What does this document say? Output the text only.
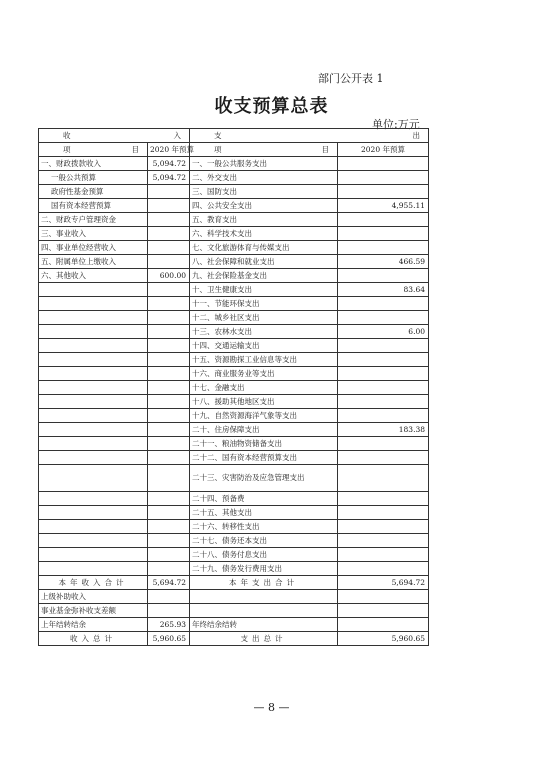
部门公开表 1
收支预算总表
单位:万元
收 入		支 出	

项 目	2020 年预算	项 目	2020 年预算
一、财政拨款收入	5,094.72	一、一般公共服务支出	
一般公共预算	5,094.72	二、外交支出	
政府性基金预算		三、国防支出	
国有资本经营预算		四、公共安全支出	4,955.11
二、财政专户管理资金		五、教育支出	
三、事业收入		六、科学技术支出	
四、事业单位经营收入		七、文化旅游体育与传媒支出	
五、附属单位上缴收入		八、社会保障和就业支出	466.59
六、其他收入	600.00	九、社会保险基金支出	
		十、卫生健康支出	83.64
		十一、节能环保支出	
		十二、城乡社区支出	
		十三、农林水支出	6.00
		十四、交通运输支出	
		十五、资源勘探工业信息等支出	
		十六、商业服务业等支出	
		十七、金融支出	
		十八、援助其他地区支出	
		十九、自然资源海洋气象等支出	
		二十、住房保障支出	183.38
		二十一、粮油物资储备支出	
		二十二、国有资本经营预算支出	
		二十三、灾害防治及应急管理支出	
		二十四、预备费	
		二十五、其他支出	
		二十六、转移性支出	
		二十七、债务还本支出	
		二十八、债务付息支出	
		二十九、债务发行费用支出	
本年收入合计	5,694.72	本年支出合计	5,694.72
上级补助收入			
事业基金弥补收支差额			
上年结转结余	265.93	年终结余结转	
收入总计	5,960.65	支出总计	5,960.65
— 8 —
